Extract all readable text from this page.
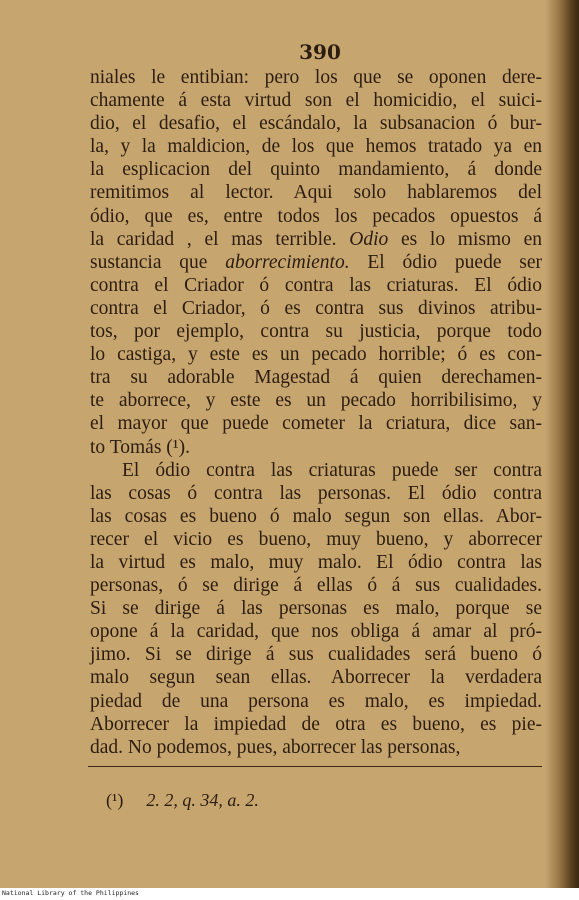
390
niales le entibian: pero los que se oponen dere-
chamente á esta virtud son el homicidio, el suici-
dio, el desafio, el escándalo, la subsanacion ó bur-
la, y la maldicion, de los que hemos tratado ya en
la esplicacion del quinto mandamiento, á donde
remitimos al lector. Aqui solo hablaremos del
ódio, que es, entre todos los pecados opuestos á
la caridad , el mas terrible. Odio es lo mismo en
sustancia que aborrecimiento. El ódio puede ser
contra el Criador ó contra las criaturas. El ódio
contra el Criador, ó es contra sus divinos atribu-
tos, por ejemplo, contra su justicia, porque todo
lo castiga, y este es un pecado horrible; ó es con-
tra su adorable Magestad á quien derechamen-
te aborrece, y este es un pecado horribilisimo, y
el mayor que puede cometer la criatura, dice san-
to Tomás (¹).
El ódio contra las criaturas puede ser contra
las cosas ó contra las personas. El ódio contra
las cosas es bueno ó malo segun son ellas. Abor-
recer el vicio es bueno, muy bueno, y aborrecer
la virtud es malo, muy malo. El ódio contra las
personas, ó se dirige á ellas ó á sus cualidades.
Si se dirige á las personas es malo, porque se
opone á la caridad, que nos obliga á amar al pró-
jimo. Si se dirige á sus cualidades será bueno ó
malo segun sean ellas. Aborrecer la verdadera
piedad de una persona es malo, es impiedad.
Aborrecer la impiedad de otra es bueno, es pie-
dad. No podemos, pues, aborrecer las personas,
(¹) 2. 2, q. 34, a. 2.
National Library of the Philippines
